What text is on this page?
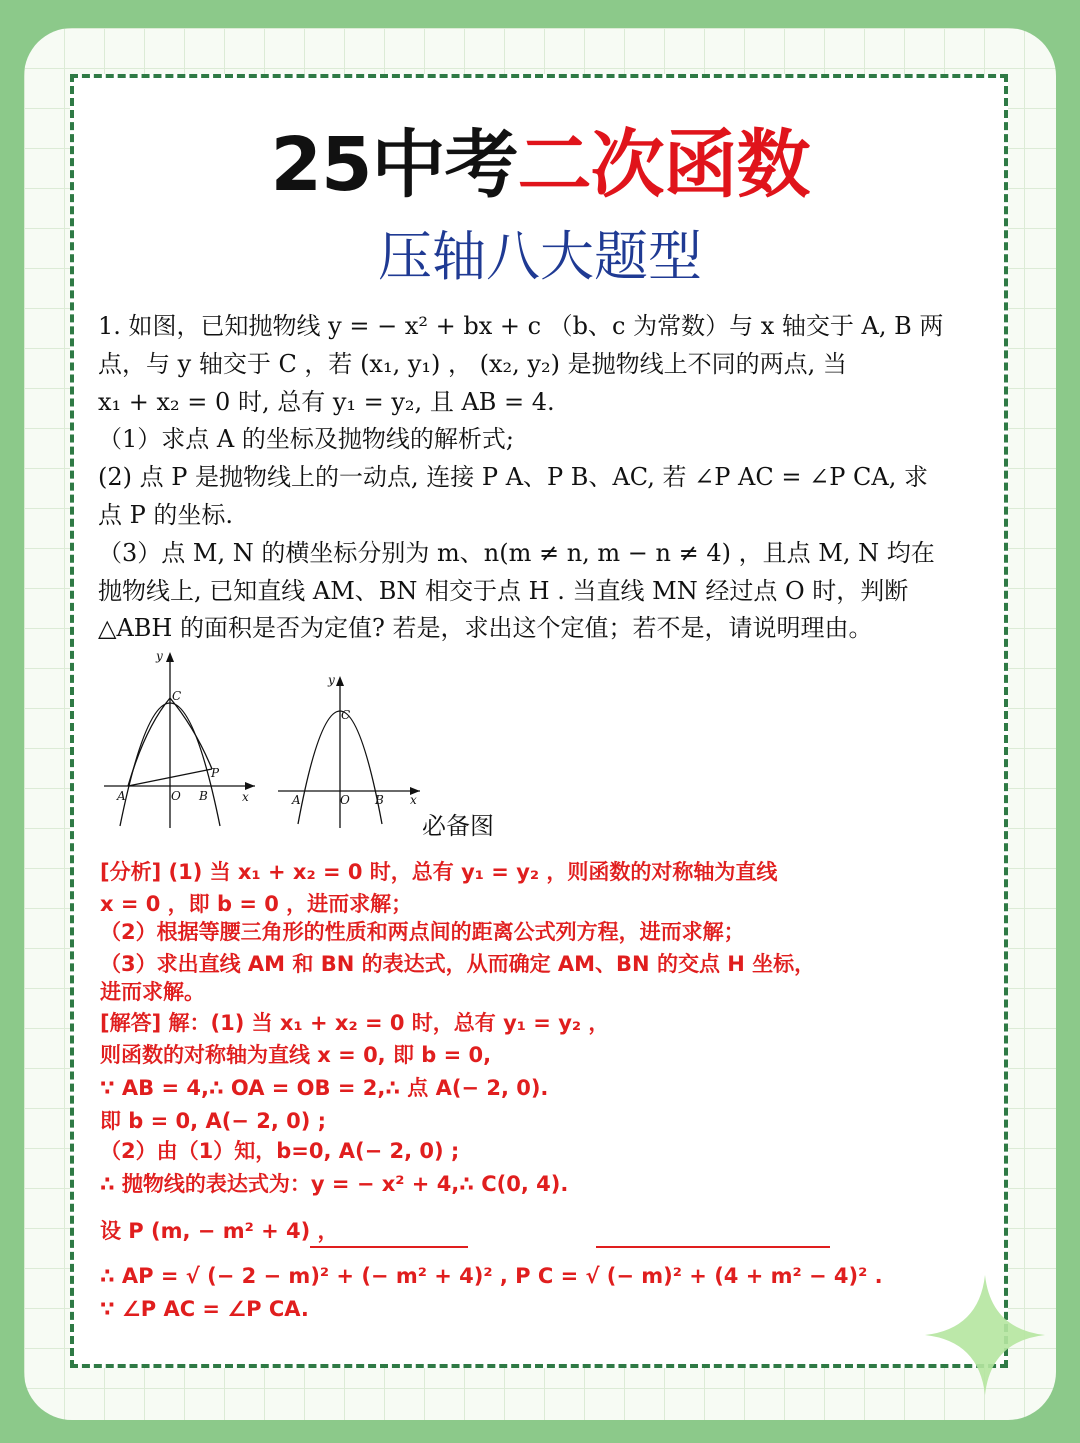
25中考二次函数
压轴八大题型
1. 如图，已知抛物线 y = − x² + bx + c （b、c 为常数）与 x 轴交于 A, B 两
点，与 y 轴交于 C ，若 (x₁, y₁) ， (x₂, y₂) 是抛物线上不同的两点, 当
x₁ + x₂ = 0 时, 总有 y₁ = y₂, 且 AB = 4.
（1）求点 A 的坐标及抛物线的解析式;
(2) 点 P 是抛物线上的一动点, 连接 P A、P B、AC, 若 ∠P AC = ∠P CA, 求
点 P 的坐标.
（3）点 M, N 的横坐标分别为 m、n(m ≠ n, m − n ≠ 4) ，且点 M, N 均在
抛物线上, 已知直线 AM、BN 相交于点 H . 当直线 MN 经过点 O 时，判断
△ABH 的面积是否为定值? 若是，求出这个定值；若不是，请说明理由。
y
x
A	O B
C
P
y
x
A	O B
C
必备图
[分析] (1) 当 x₁ + x₂ = 0 时，总有 y₁ = y₂ ，则函数的对称轴为直线
x = 0 ，即 b = 0 ，进而求解；
（2）根据等腰三角形的性质和两点间的距离公式列方程，进而求解；
（3）求出直线 AM 和 BN 的表达式，从而确定 AM、BN 的交点 H 坐标，
进而求解。
[解答] 解：(1) 当 x₁ + x₂ = 0 时，总有 y₁ = y₂ ，
则函数的对称轴为直线 x = 0, 即 b = 0,
∵ AB = 4,∴ OA = OB = 2,∴ 点 A(− 2, 0).
即 b = 0, A(− 2, 0) ;
（2）由（1）知，b=0, A(− 2, 0) ;
∴ 抛物线的表达式为：y = − x² + 4,∴ C(0, 4).
设 P (m, − m² + 4) ，
∴ AP = √ (− 2 − m)² + (− m² + 4)² , P C = √ (− m)² + (4 + m² − 4)² .
∵ ∠P AC = ∠P CA.
